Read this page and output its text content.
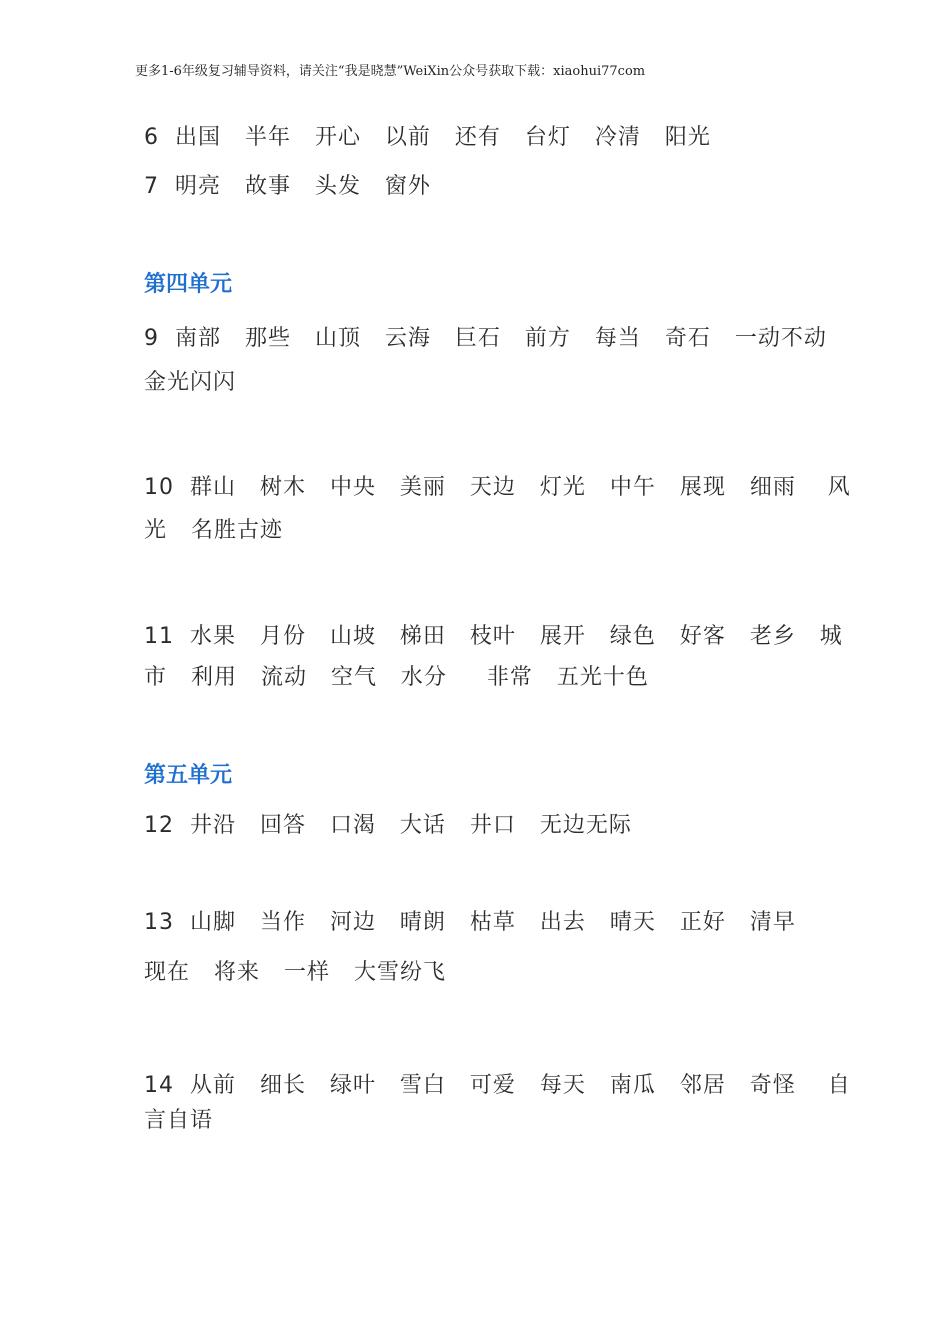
更多1-6年级复习辅导资料，请关注“我是晓慧”WeiXin公众号获取下载：xiaohui77com
6  出国   半年   开心   以前   还有   台灯   冷清   阳光
7  明亮   故事   头发   窗外
第四单元
9  南部   那些   山顶   云海   巨石   前方   每当   奇石   一动不动
金光闪闪
10  群山   树木   中央   美丽   天边   灯光   中午   展现   细雨    风
光   名胜古迹
11  水果   月份   山坡   梯田   枝叶   展开   绿色   好客   老乡   城
市   利用   流动   空气   水分     非常   五光十色
第五单元
12  井沿   回答   口渴   大话   井口   无边无际
13  山脚   当作   河边   晴朗   枯草   出去   晴天   正好   清早
现在   将来   一样   大雪纷飞
14  从前   细长   绿叶   雪白   可爱   每天   南瓜   邻居   奇怪    自
言自语
